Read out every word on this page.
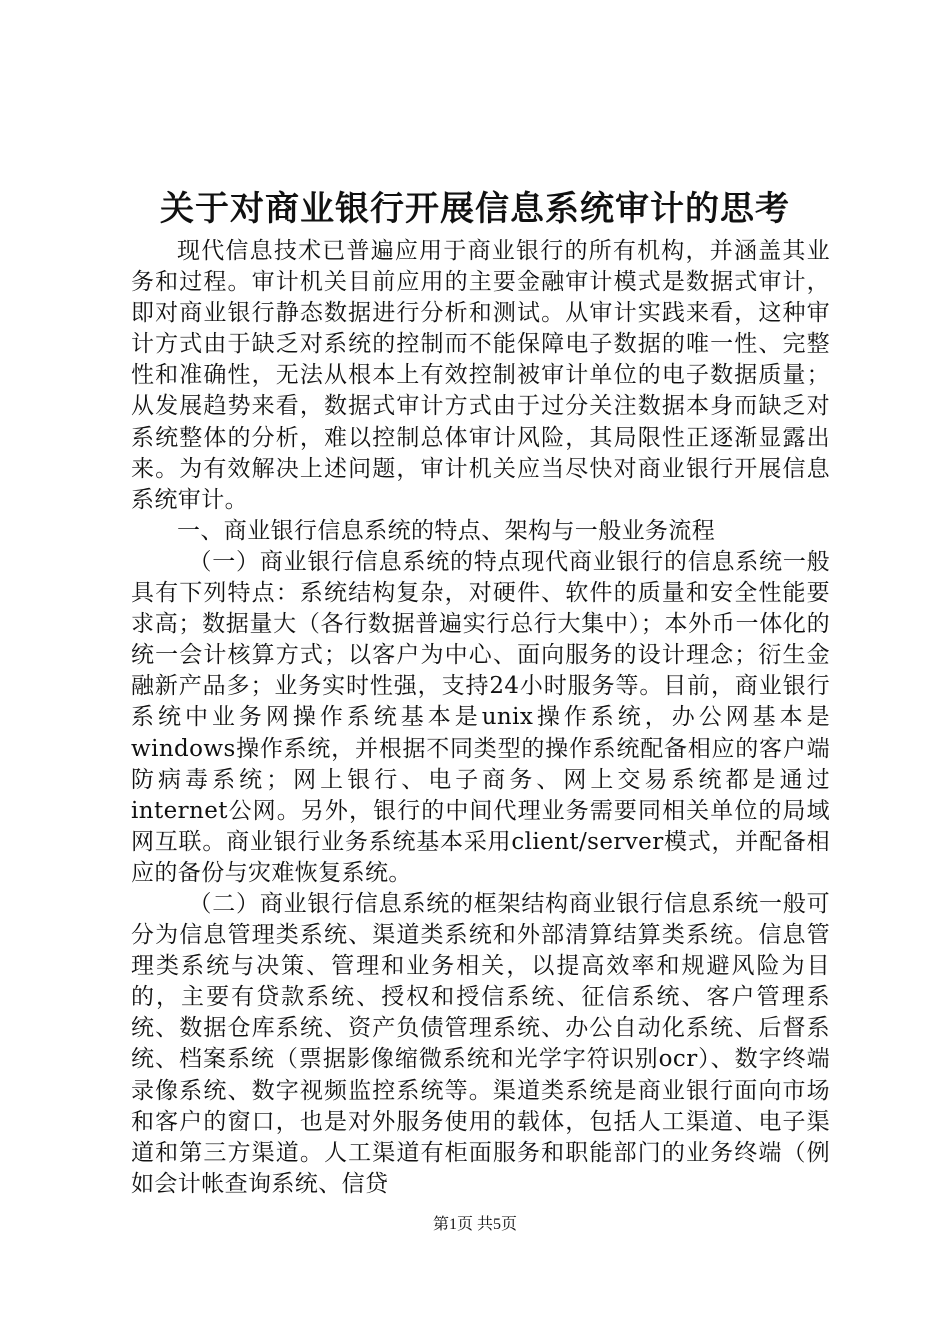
关于对商业银行开展信息系统审计的思考

现代信息技术已普遍应用于商业银行的所有机构，并涵盖其业务和过程。审计机关目前应用的主要金融审计模式是数据式审计，即对商业银行静态数据进行分析和测试。从审计实践来看，这种审计方式由于缺乏对系统的控制而不能保障电子数据的唯一性、完整性和准确性，无法从根本上有效控制被审计单位的电子数据质量；从发展趋势来看，数据式审计方式由于过分关注数据本身而缺乏对系统整体的分析，难以控制总体审计风险，其局限性正逐渐显露出来。为有效解决上述问题，审计机关应当尽快对商业银行开展信息系统审计。

一、商业银行信息系统的特点、架构与一般业务流程

（一）商业银行信息系统的特点现代商业银行的信息系统一般具有下列特点：系统结构复杂，对硬件、软件的质量和安全性能要求高；数据量大（各行数据普遍实行总行大集中）；本外币一体化的统一会计核算方式；以客户为中心、面向服务的设计理念；衍生金融新产品多；业务实时性强，支持24小时服务等。目前，商业银行系统中业务网操作系统基本是unix操作系统，办公网基本是windows操作系统，并根据不同类型的操作系统配备相应的客户端防病毒系统；网上银行、电子商务、网上交易系统都是通过internet公网。另外，银行的中间代理业务需要同相关单位的局域网互联。商业银行业务系统基本采用client/server模式，并配备相应的备份与灾难恢复系统。

（二）商业银行信息系统的框架结构商业银行信息系统一般可分为信息管理类系统、渠道类系统和外部清算结算类系统。信息管理类系统与决策、管理和业务相关，以提高效率和规避风险为目的，主要有贷款系统、授权和授信系统、征信系统、客户管理系统、数据仓库系统、资产负债管理系统、办公自动化系统、后督系统、档案系统（票据影像缩微系统和光学字符识别ocr）、数字终端录像系统、数字视频监控系统等。渠道类系统是商业银行面向市场和客户的窗口，也是对外服务使用的载体，包括人工渠道、电子渠道和第三方渠道。人工渠道有柜面服务和职能部门的业务终端（例如会计帐查询系统、信贷

第1页 共5页
